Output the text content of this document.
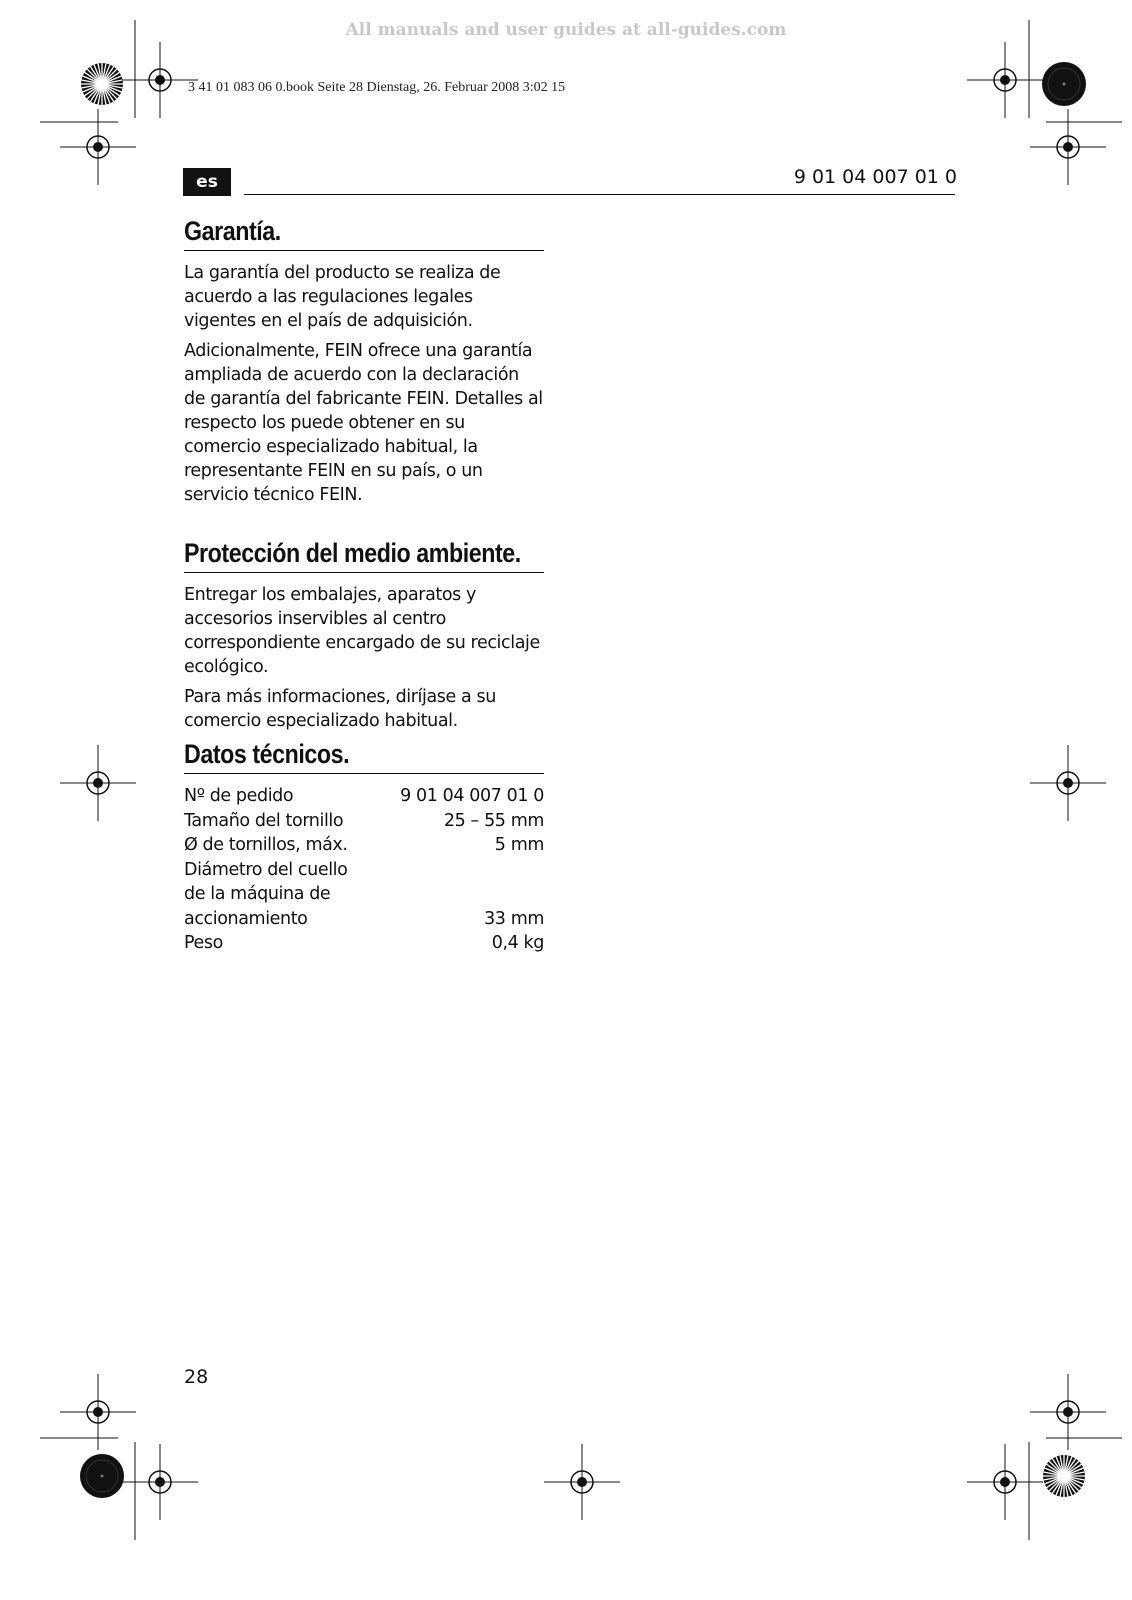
All manuals and user guides at all-guides.com
3 41 01 083 06 0.book Seite 28 Dienstag, 26. Februar 2008 3:02 15
es	9 01 04 007 01 0
Garantía.

La garantía del producto se realiza de acuerdo a las regulaciones legales vigentes en el país de adquisición.

Adicionalmente, FEIN ofrece una garantía ampliada de acuerdo con la declaración de garantía del fabricante FEIN. Detalles al respecto los puede obtener en su comercio especializado habitual, la representante FEIN en su país, o un servicio técnico FEIN.

Protección del medio ambiente.

Entregar los embalajes, aparatos y accesorios inservibles al centro correspondiente encargado de su reciclaje ecológico.

Para más informaciones, diríjase a su comercio especializado habitual.

Datos técnicos.
Nº de pedido	9 01 04 007 01 0
Tamaño del tornillo	25 – 55 mm
Ø de tornillos, máx.	5 mm
Diámetro del cuello de la máquina de accionamiento	33 mm
Peso	0,4 kg
28
